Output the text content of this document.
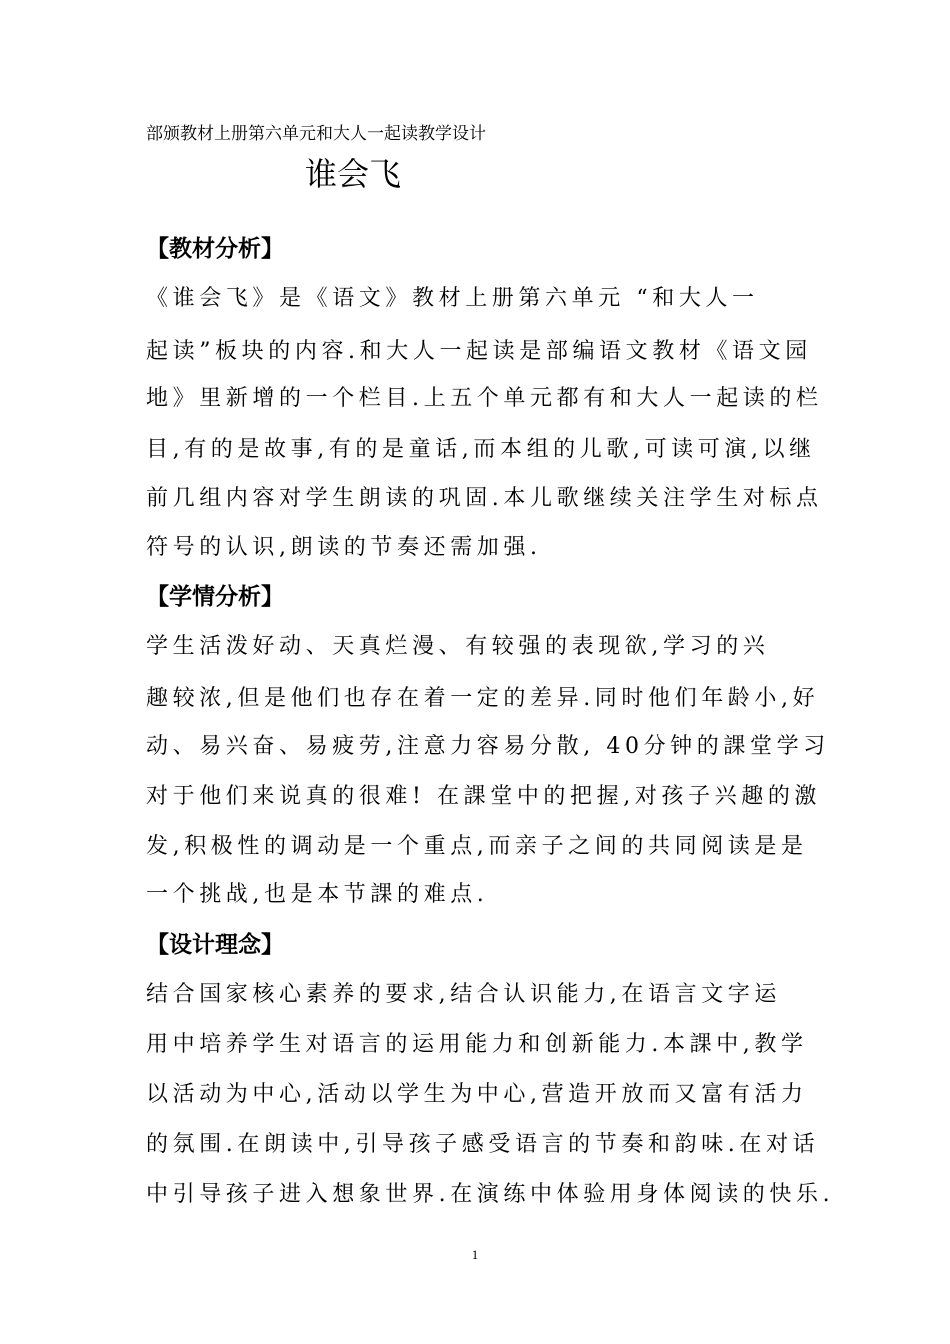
部颁教材上册第六单元和大人一起读教学设计
谁会飞
【教材分析】
《谁会飞》是《语文》教材上册第六单元 “和大人一
起读”板块的内容.和大人一起读是部编语文教材《语文园
地》里新增的一个栏目.上五个单元都有和大人一起读的栏
目,有的是故事,有的是童话,而本组的儿歌,可读可演,以继
前几组内容对学生朗读的巩固.本儿歌继续关注学生对标点
符号的认识,朗读的节奏还需加强.
【学情分析】
学生活泼好动、天真烂漫、有较强的表现欲,学习的兴
趣较浓,但是他们也存在着一定的差异.同时他们年龄小,好
动、易兴奋、易疲劳,注意力容易分散, 40分钟的課堂学习
对于他们来说真的很难! 在課堂中的把握,对孩子兴趣的激
发,积极性的调动是一个重点,而亲子之间的共同阅读是是
一个挑战,也是本节課的难点.
【设计理念】
结合国家核心素养的要求,结合认识能力,在语言文字运
用中培养学生对语言的运用能力和创新能力.本課中,教学
以活动为中心,活动以学生为中心,营造开放而又富有活力
的氛围.在朗读中,引导孩子感受语言的节奏和韵味.在对话
中引导孩子进入想象世界.在演练中体验用身体阅读的快乐.
1
